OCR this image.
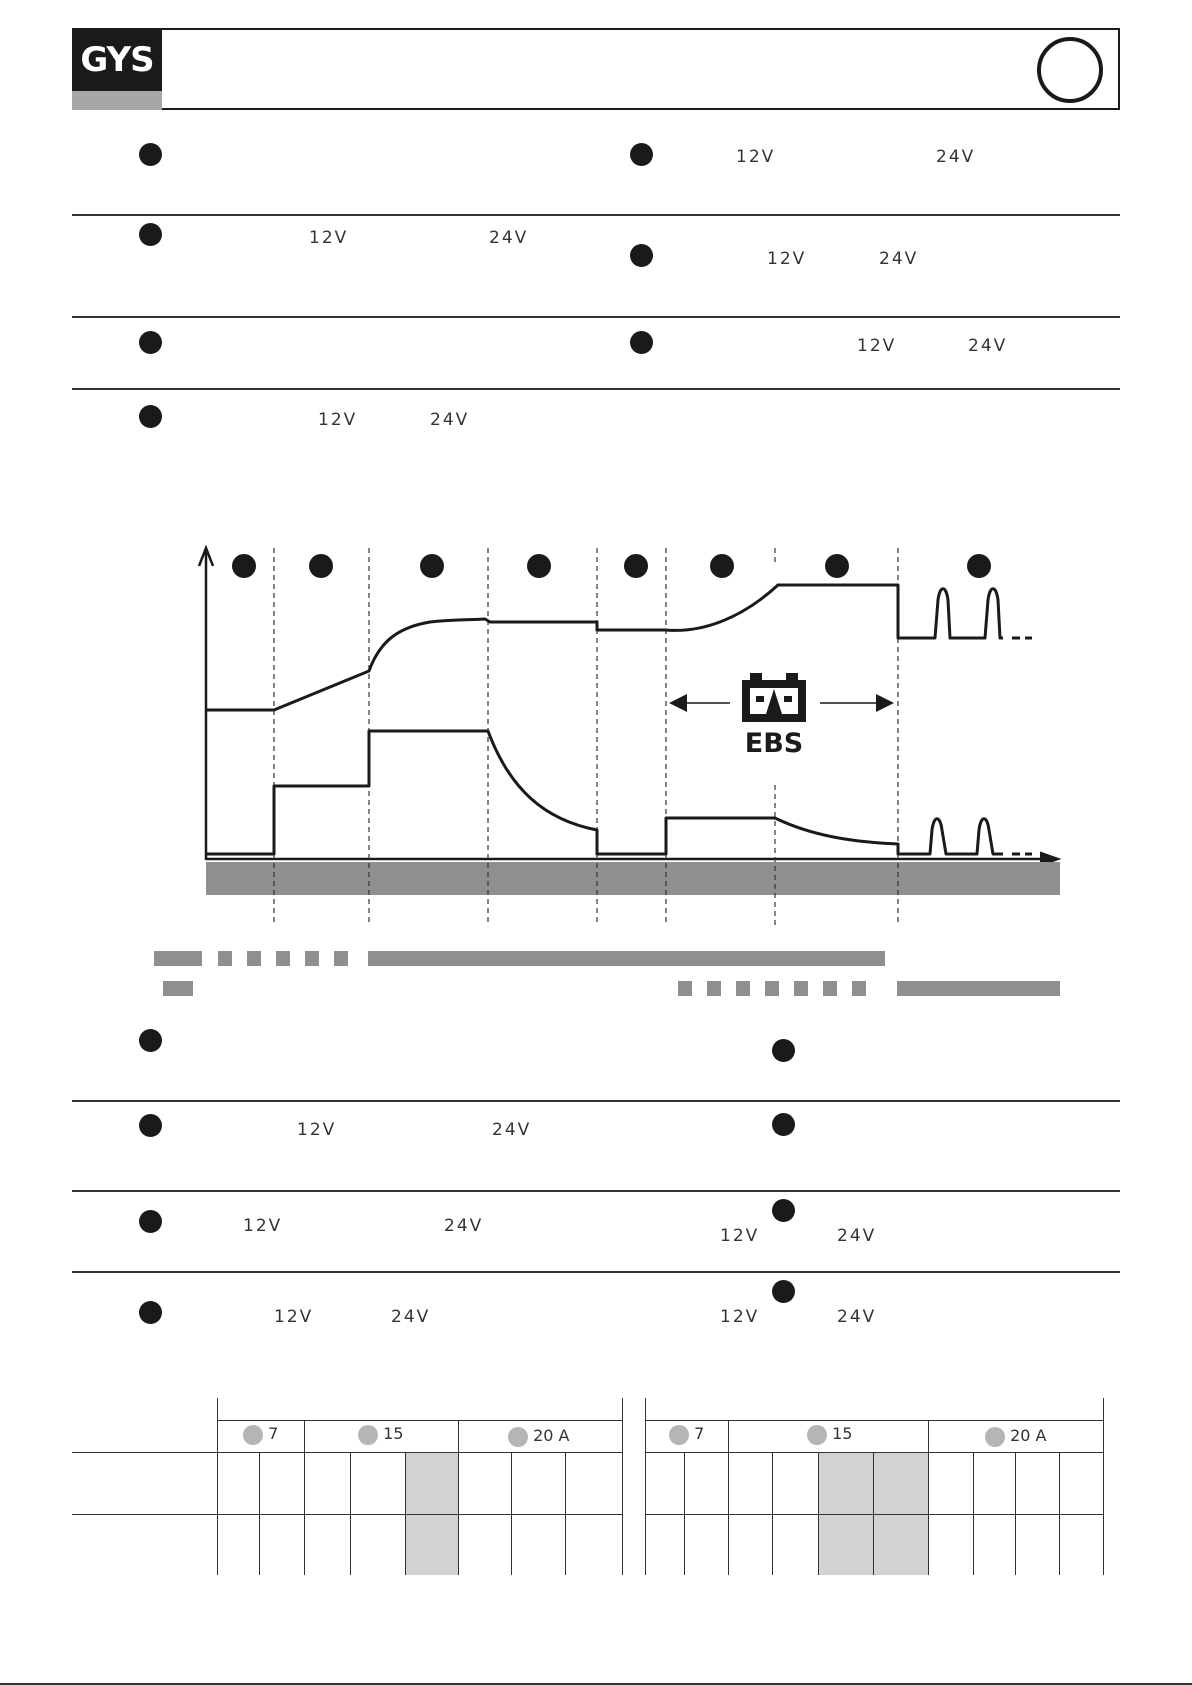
GYS
12V	24V
12V	24V
12V	24V
12V	24V
12V	24V
EBS
12V	24V
12V	24V
12V	24V
12V	24V
12V	24V
7	15	20 A	7	15	20 A
